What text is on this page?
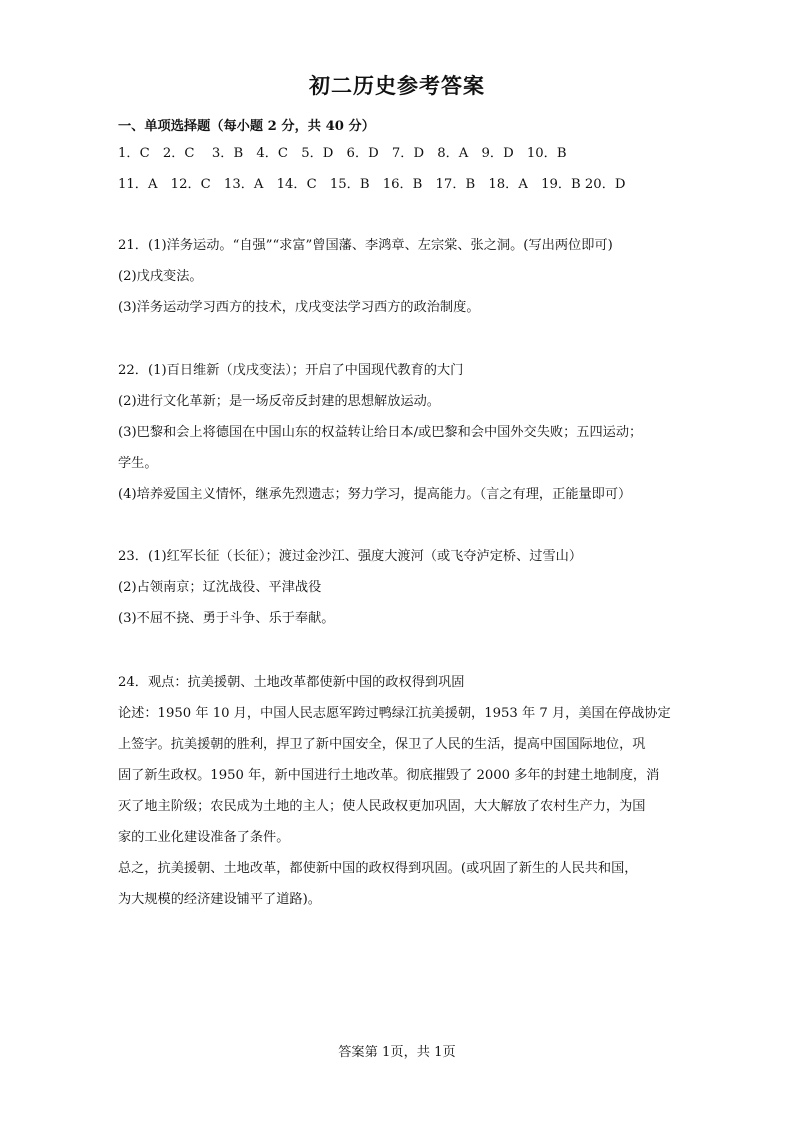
初二历史参考答案
一、单项选择题（每小题 2 分，共 40 分）
1．C　2．C　 3．B　4．C　5．D　6．D　7．D　8．A　9．D　10．B
11．A　12．C　13．A　14．C　15．B　16．B　17．B　18．A　19．B 20．D
21．(1)洋务运动。“自强”“求富”曾国藩、李鸿章、左宗棠、张之洞。(写出两位即可)
(2)戊戌变法。
(3)洋务运动学习西方的技术，戊戌变法学习西方的政治制度。
22．(1)百日维新（戊戌变法）；开启了中国现代教育的大门
(2)进行文化革新；是一场反帝反封建的思想解放运动。
(3)巴黎和会上将德国在中国山东的权益转让给日本/或巴黎和会中国外交失败；五四运动；
学生。
(4)培养爱国主义情怀，继承先烈遗志；努力学习，提高能力。（言之有理，正能量即可）
23．(1)红军长征（长征）；渡过金沙江、强度大渡河（或飞夺泸定桥、过雪山）
(2)占领南京；辽沈战役、平津战役
(3)不屈不挠、勇于斗争、乐于奉献。
24．观点：抗美援朝、土地改革都使新中国的政权得到巩固
论述：1950 年 10 月，中国人民志愿军跨过鸭绿江抗美援朝，1953 年 7 月，美国在停战协定
上签字。抗美援朝的胜利，捍卫了新中国安全，保卫了人民的生活，提高中国国际地位，巩
固了新生政权。1950 年，新中国进行土地改革。彻底摧毁了 2000 多年的封建土地制度，消
灭了地主阶级；农民成为土地的主人；使人民政权更加巩固，大大解放了农村生产力，为国
家的工业化建设准备了条件。
总之，抗美援朝、土地改革，都使新中国的政权得到巩固。(或巩固了新生的人民共和国，
为大规模的经济建设铺平了道路)。
答案第 1页，共 1页
